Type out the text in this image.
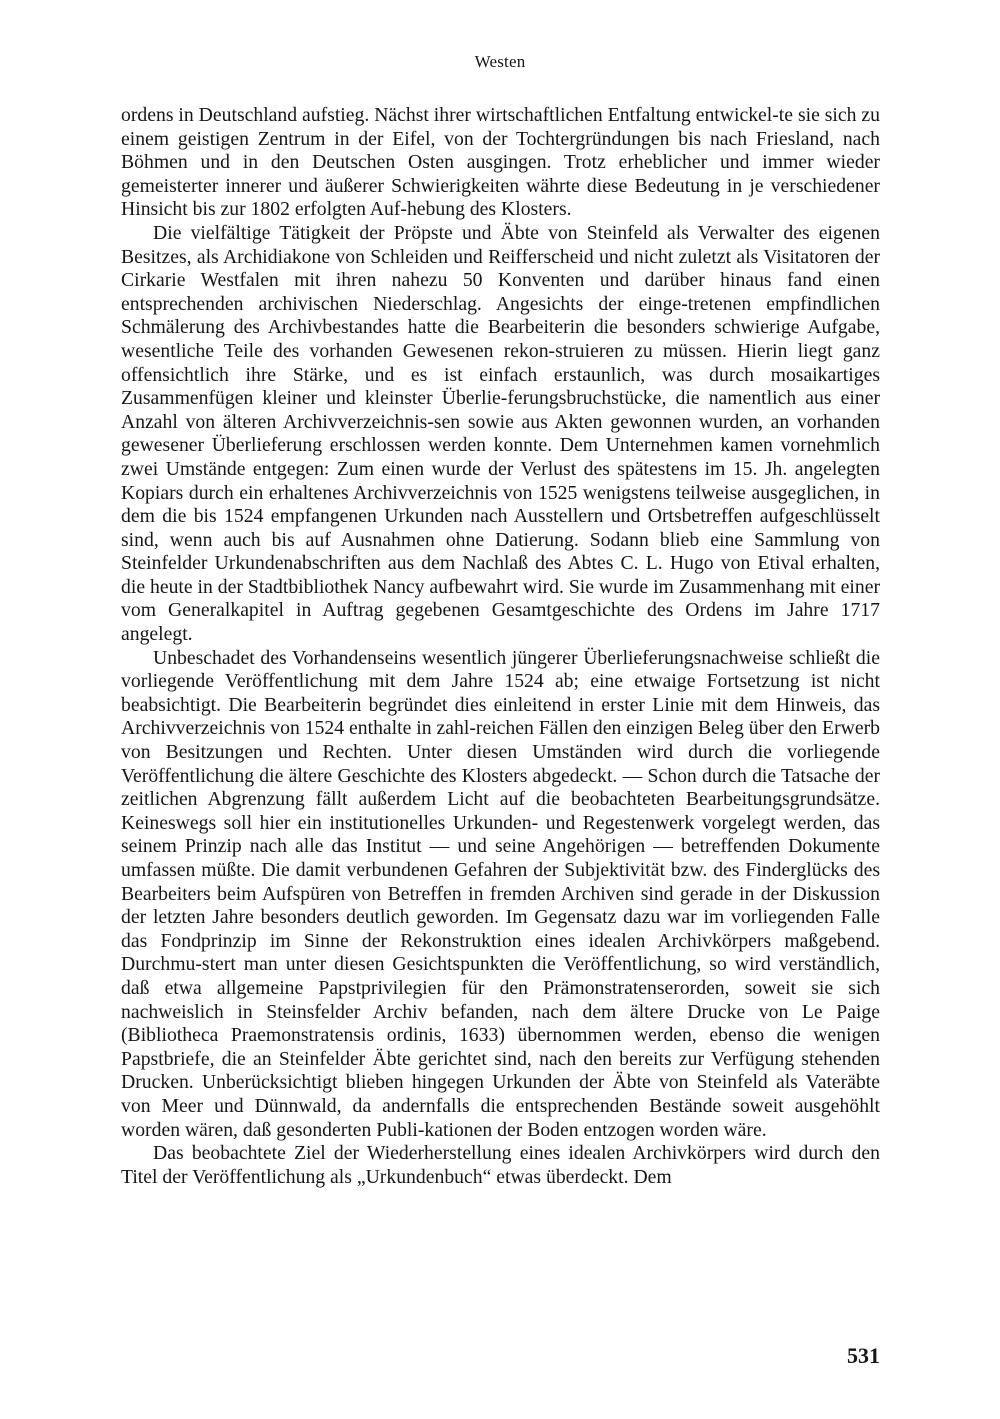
Westen

ordens in Deutschland aufstieg. Nächst ihrer wirtschaftlichen Entfaltung entwickel-te sie sich zu einem geistigen Zentrum in der Eifel, von der Tochtergründungen bis nach Friesland, nach Böhmen und in den Deutschen Osten ausgingen. Trotz erheblicher und immer wieder gemeisterter innerer und äußerer Schwierigkeiten währte diese Bedeutung in je verschiedener Hinsicht bis zur 1802 erfolgten Auf-hebung des Klosters.

Die vielfältige Tätigkeit der Pröpste und Äbte von Steinfeld als Verwalter des eigenen Besitzes, als Archidiakone von Schleiden und Reifferscheid und nicht zuletzt als Visitatoren der Cirkarie Westfalen mit ihren nahezu 50 Konventen und darüber hinaus fand einen entsprechenden archivischen Niederschlag. Angesichts der einge-tretenen empfindlichen Schmälerung des Archivbestandes hatte die Bearbeiterin die besonders schwierige Aufgabe, wesentliche Teile des vorhanden Gewesenen rekon-struieren zu müssen. Hierin liegt ganz offensichtlich ihre Stärke, und es ist einfach erstaunlich, was durch mosaikartiges Zusammenfügen kleiner und kleinster Überlie-ferungsbruchstücke, die namentlich aus einer Anzahl von älteren Archivverzeichnis-sen sowie aus Akten gewonnen wurden, an vorhanden gewesener Überlieferung erschlossen werden konnte. Dem Unternehmen kamen vornehmlich zwei Umstände entgegen: Zum einen wurde der Verlust des spätestens im 15. Jh. angelegten Kopiars durch ein erhaltenes Archivverzeichnis von 1525 wenigstens teilweise ausgeglichen, in dem die bis 1524 empfangenen Urkunden nach Ausstellern und Ortsbetreffen aufgeschlüsselt sind, wenn auch bis auf Ausnahmen ohne Datierung. Sodann blieb eine Sammlung von Steinfelder Urkundenabschriften aus dem Nachlaß des Abtes C. L. Hugo von Etival erhalten, die heute in der Stadtbibliothek Nancy aufbewahrt wird. Sie wurde im Zusammenhang mit einer vom Generalkapitel in Auftrag gegebenen Gesamtgeschichte des Ordens im Jahre 1717 angelegt.

Unbeschadet des Vorhandenseins wesentlich jüngerer Überlieferungsnachweise schließt die vorliegende Veröffentlichung mit dem Jahre 1524 ab; eine etwaige Fortsetzung ist nicht beabsichtigt. Die Bearbeiterin begründet dies einleitend in erster Linie mit dem Hinweis, das Archivverzeichnis von 1524 enthalte in zahl-reichen Fällen den einzigen Beleg über den Erwerb von Besitzungen und Rechten. Unter diesen Umständen wird durch die vorliegende Veröffentlichung die ältere Geschichte des Klosters abgedeckt. — Schon durch die Tatsache der zeitlichen Abgrenzung fällt außerdem Licht auf die beobachteten Bearbeitungsgrundsätze. Keineswegs soll hier ein institutionelles Urkunden- und Regestenwerk vorgelegt werden, das seinem Prinzip nach alle das Institut — und seine Angehörigen — betreffenden Dokumente umfassen müßte. Die damit verbundenen Gefahren der Subjektivität bzw. des Finderglücks des Bearbeiters beim Aufspüren von Betreffen in fremden Archiven sind gerade in der Diskussion der letzten Jahre besonders deutlich geworden. Im Gegensatz dazu war im vorliegenden Falle das Fondprinzip im Sinne der Rekonstruktion eines idealen Archivkörpers maßgebend. Durchmu-stert man unter diesen Gesichtspunkten die Veröffentlichung, so wird verständlich, daß etwa allgemeine Papstprivilegien für den Prämonstratenserorden, soweit sie sich nachweislich in Steinsfelder Archiv befanden, nach dem ältere Drucke von Le Paige (Bibliotheca Praemonstratensis ordinis, 1633) übernommen werden, ebenso die wenigen Papstbriefe, die an Steinfelder Äbte gerichtet sind, nach den bereits zur Verfügung stehenden Drucken. Unberücksichtigt blieben hingegen Urkunden der Äbte von Steinfeld als Vateräbte von Meer und Dünnwald, da andernfalls die entsprechenden Bestände soweit ausgehöhlt worden wären, daß gesonderten Publi-kationen der Boden entzogen worden wäre.

Das beobachtete Ziel der Wiederherstellung eines idealen Archivkörpers wird durch den Titel der Veröffentlichung als „Urkundenbuch“ etwas überdeckt. Dem

531
